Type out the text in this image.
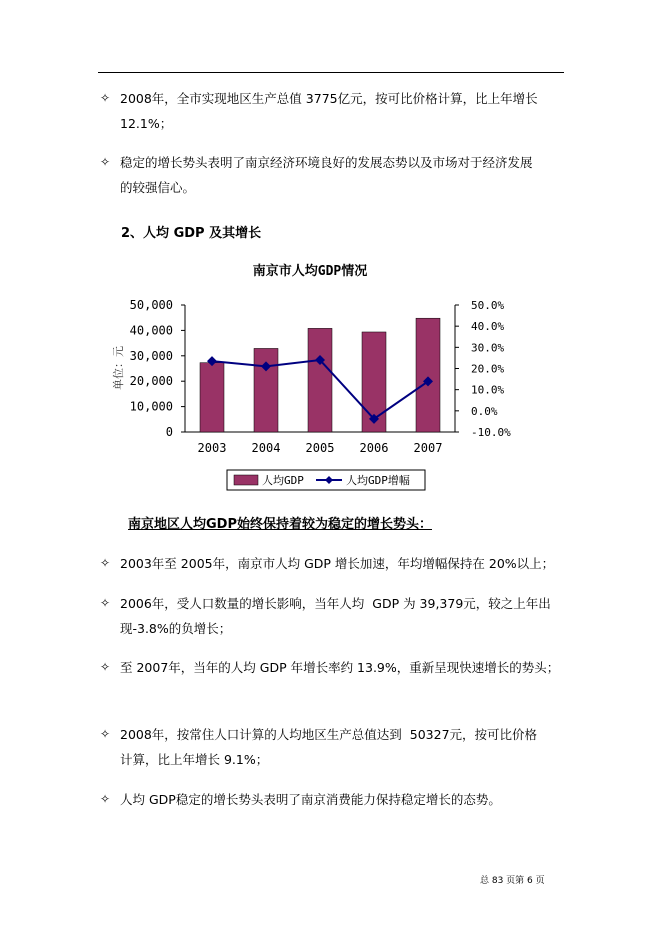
✧ 2008年，全市实现地区生产总值 3775亿元，按可比价格计算，比上年增长
12.1%；
✧ 稳定的增长势头表明了南京经济环境良好的发展态势以及市场对于经济发展
的较强信心。
2、人均 GDP 及其增长
南京市人均GDP情况
50,000
40,000
30,000
20,000
10,000
0
50.0%
40.0%
30.0%
20.0%
10.0%
0.0%
-10.0%
单位：元
2003 2004 2005 2006 2007
人均GDP	人均GDP增幅
南京地区人均GDP始终保持着较为稳定的增长势头：
✧ 2003年至 2005年，南京市人均 GDP 增长加速，年均增幅保持在 20%以上；
✧ 2006年，受人口数量的增长影响，当年人均  GDP 为 39,379元，较之上年出
现-3.8%的负增长；
✧ 至 2007年，当年的人均 GDP 年增长率约 13.9%，重新呈现快速增长的势头；
✧ 2008年，按常住人口计算的人均地区生产总值达到  50327元，按可比价格
计算，比上年增长 9.1%；
✧ 人均 GDP稳定的增长势头表明了南京消费能力保持稳定增长的态势。
总 83 页第 6 页
